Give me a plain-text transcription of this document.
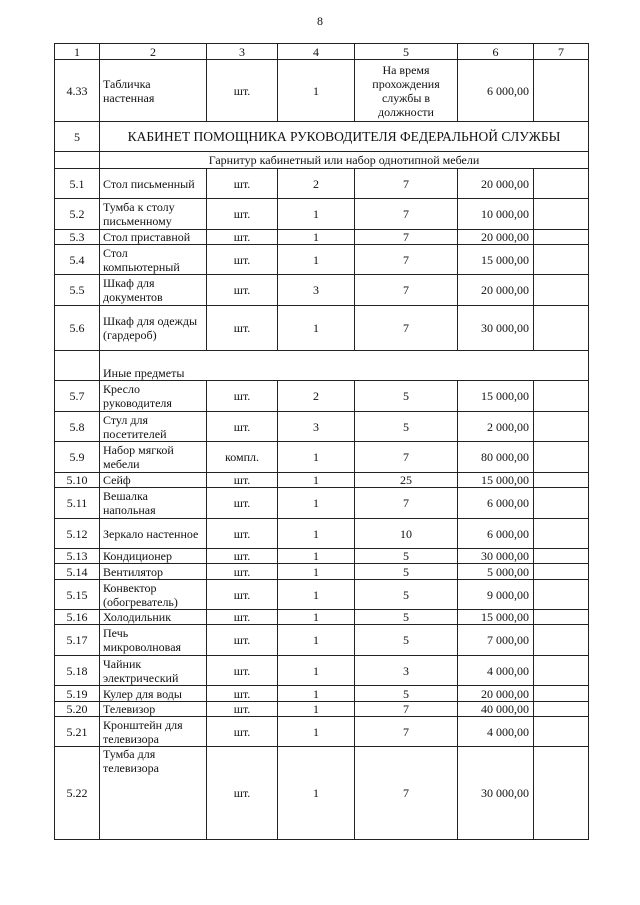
8
1	2	3	4	5	6	7
4.33	Табличка настенная	шт.	1	На время прохождения службы в должности	6 000,00	
5	КАБИНЕТ ПОМОЩНИКА РУКОВОДИТЕЛЯ ФЕДЕРАЛЬНОЙ СЛУЖБЫ					
	Гарнитур кабинетный или набор однотипной мебели					
5.1	Стол письменный	шт.	2	7	20 000,00	
5.2	Тумба к столу письменному	шт.	1	7	10 000,00	
5.3	Стол приставной	шт.	1	7	20 000,00	
5.4	Стол компьютерный	шт.	1	7	15 000,00	
5.5	Шкаф для документов	шт.	3	7	20 000,00	
5.6	Шкаф для одежды (гардероб)	шт.	1	7	30 000,00	
	Иные предметы					
5.7	Кресло руководителя	шт.	2	5	15 000,00	
5.8	Стул для посетителей	шт.	3	5	2 000,00	
5.9	Набор мягкой мебели	компл.	1	7	80 000,00	
5.10	Сейф	шт.	1	25	15 000,00	
5.11	Вешалка напольная	шт.	1	7	6 000,00	
5.12	Зеркало настенное	шт.	1	10	6 000,00	
5.13	Кондиционер	шт.	1	5	30 000,00	
5.14	Вентилятор	шт.	1	5	5 000,00	
5.15	Конвектор (обогреватель)	шт.	1	5	9 000,00	
5.16	Холодильник	шт.	1	5	15 000,00	
5.17	Печь микроволновая	шт.	1	5	7 000,00	
5.18	Чайник электрический	шт.	1	3	4 000,00	
5.19	Кулер для воды	шт.	1	5	20 000,00	
5.20	Телевизор	шт.	1	7	40 000,00	
5.21	Кронштейн для телевизора	шт.	1	7	4 000,00	
5.22	Тумба для телевизора	шт.	1	7	30 000,00	
